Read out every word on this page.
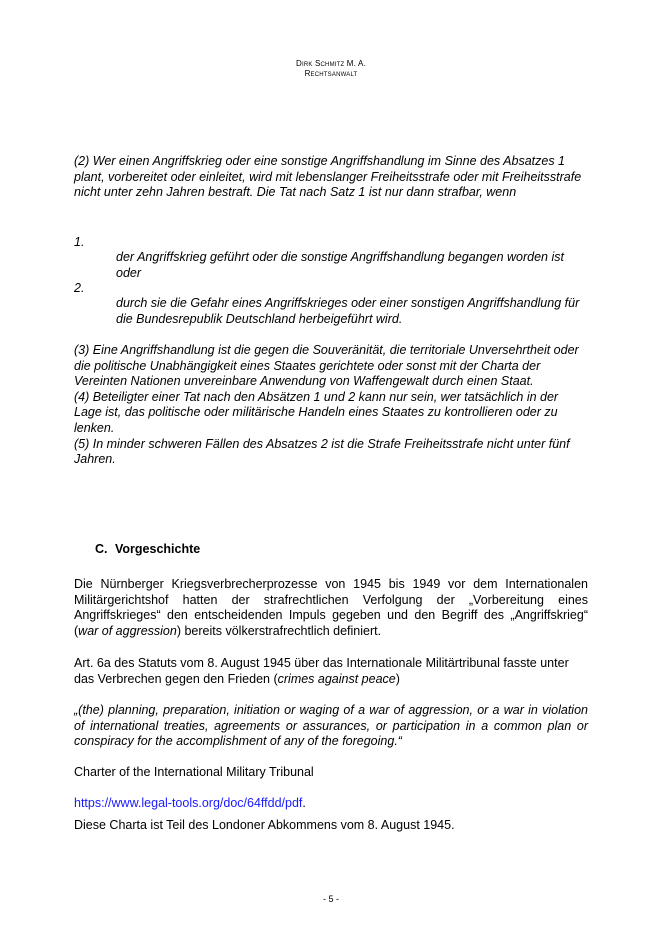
Dirk Schmitz M. A.
Rechtsanwalt

(2) Wer einen Angriffskrieg oder eine sonstige Angriffshandlung im Sinne des Absatzes 1 plant, vorbereitet oder einleitet, wird mit lebenslanger Freiheitsstrafe oder mit Freiheitsstrafe nicht unter zehn Jahren bestraft. Die Tat nach Satz 1 ist nur dann strafbar, wenn

1.
der Angriffskrieg geführt oder die sonstige Angriffshandlung begangen worden ist oder
2.
durch sie die Gefahr eines Angriffskrieges oder einer sonstigen Angriffshandlung für die Bundesrepublik Deutschland herbeigeführt wird.

(3) Eine Angriffshandlung ist die gegen die Souveränität, die territoriale Unversehrtheit oder die politische Unabhängigkeit eines Staates gerichtete oder sonst mit der Charta der Vereinten Nationen unvereinbare Anwendung von Waffengewalt durch einen Staat.

(4) Beteiligter einer Tat nach den Absätzen 1 und 2 kann nur sein, wer tatsächlich in der Lage ist, das politische oder militärische Handeln eines Staates zu kontrollieren oder zu lenken.

(5) In minder schweren Fällen des Absatzes 2 ist die Strafe Freiheitsstrafe nicht unter fünf Jahren.

C. Vorgeschichte

Die Nürnberger Kriegsverbrecherprozesse von 1945 bis 1949 vor dem Internationalen Militärgerichtshof hatten der strafrechtlichen Verfolgung der „Vorbereitung eines Angriffskrieges“ den entscheidenden Impuls gegeben und den Begriff des „Angriffskrieg“ (war of aggression) bereits völkerstrafrechtlich definiert.

Art. 6a des Statuts vom 8. August 1945 über das Internationale Militärtribunal fasste unter das Verbrechen gegen den Frieden (crimes against peace)

„(the) planning, preparation, initiation or waging of a war of aggression, or a war in violation of international treaties, agreements or assurances, or participation in a common plan or conspiracy for the accomplishment of any of the foregoing.“

Charter of the International Military Tribunal

https://www.legal-tools.org/doc/64ffdd/pdf.

Diese Charta ist Teil des Londoner Abkommens vom 8. August 1945.

- 5 -
